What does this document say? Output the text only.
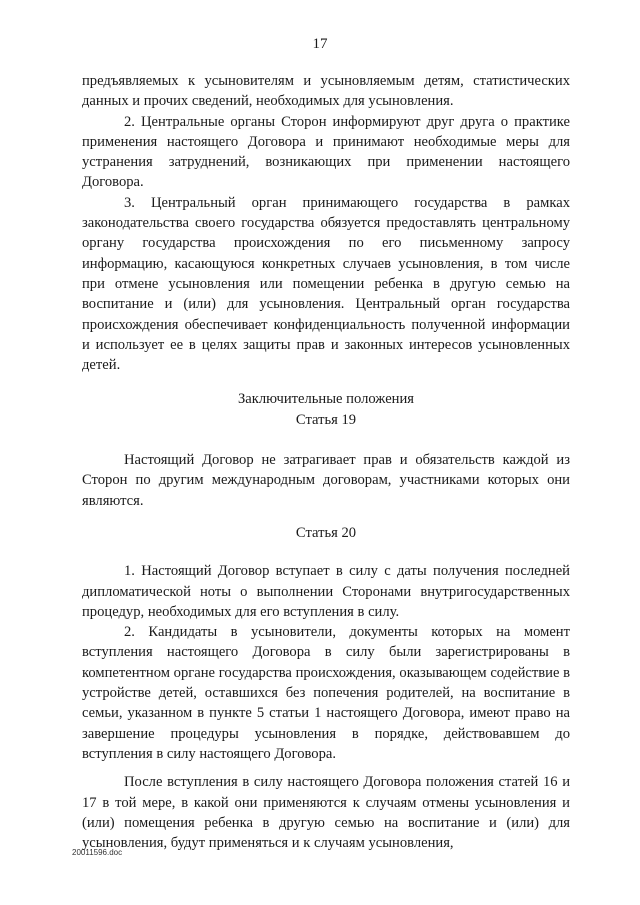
17

предъявляемых к усыновителям и усыновляемым детям, статистических данных и прочих сведений, необходимых для усыновления.

2. Центральные органы Сторон информируют друг друга о практике применения настоящего Договора и принимают необходимые меры для устранения затруднений, возникающих при применении настоящего Договора.

3. Центральный орган принимающего государства в рамках законодательства своего государства обязуется предоставлять центральному органу государства происхождения по его письменному запросу информацию, касающуюся конкретных случаев усыновления, в том числе при отмене усыновления или помещении ребенка в другую семью на воспитание и (или) для усыновления. Центральный орган государства происхождения обеспечивает конфиденциальность полученной информации и использует ее в целях защиты прав и законных интересов усыновленных детей.

Заключительные положения

Статья 19

Настоящий Договор не затрагивает прав и обязательств каждой из Сторон по другим международным договорам, участниками которых они являются.

Статья 20

1. Настоящий Договор вступает в силу с даты получения последней дипломатической ноты о выполнении Сторонами внутригосударственных процедур, необходимых для его вступления в силу.

2. Кандидаты в усыновители, документы которых на момент вступления настоящего Договора в силу были зарегистрированы в компетентном органе государства происхождения, оказывающем содействие в устройстве детей, оставшихся без попечения родителей, на воспитание в семьи, указанном в пункте 5 статьи 1 настоящего Договора, имеют право на завершение процедуры усыновления в порядке, действовавшем до вступления в силу настоящего Договора.

После вступления в силу настоящего Договора положения статей 16 и 17 в той мере, в какой они применяются к случаям отмены усыновления и (или) помещения ребенка в другую семью на воспитание и (или) для усыновления, будут применяться и к случаям усыновления,

20011596.doc
